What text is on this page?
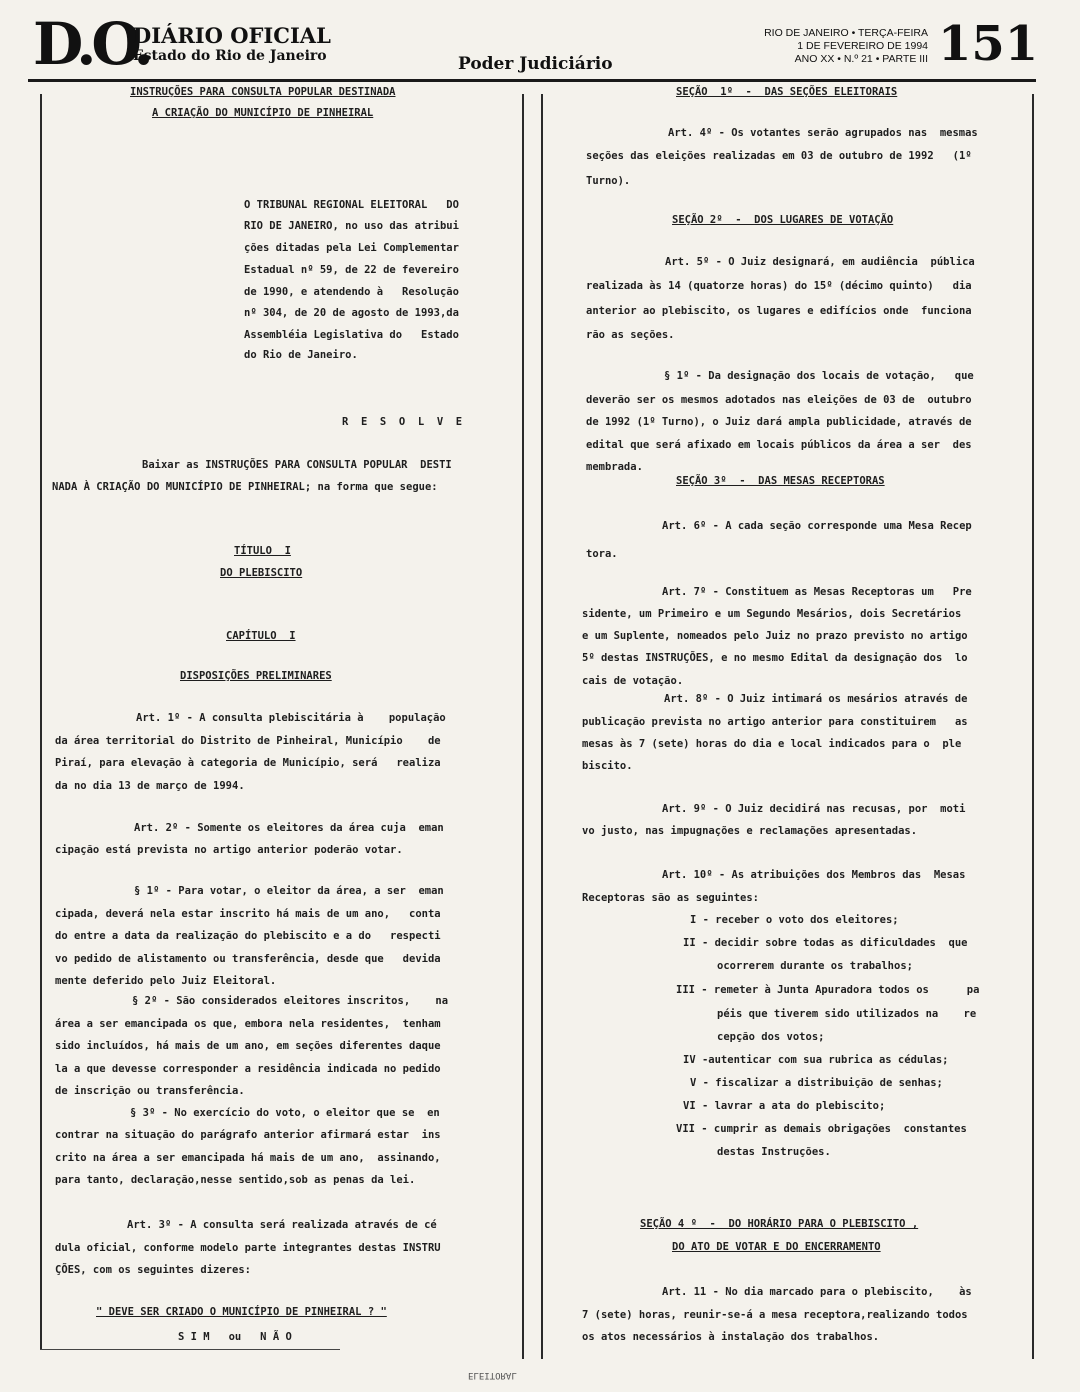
D.O.
DIÁRIO OFICIAL
Estado do Rio de Janeiro	Poder Judiciário
RIO DE JANEIRO • TERÇA-FEIRA
1 DE FEVEREIRO DE 1994
ANO XX • N.º 21 • PARTE III 151
INSTRUÇÕES PARA CONSULTA POPULAR DESTINADA
A CRIAÇÃO DO MUNICÍPIO DE PINHEIRAL
O TRIBUNAL REGIONAL ELEITORAL   DO
RIO DE JANEIRO, no uso das atribui
ções ditadas pela Lei Complementar
Estadual nº 59, de 22 de fevereiro
de 1990, e atendendo à   Resolução
nº 304, de 20 de agosto de 1993,da
Assembléia Legislativa do   Estado
do Rio de Janeiro.
R  E  S  O  L  V  E
Baixar as INSTRUÇÕES PARA CONSULTA POPULAR  DESTI
NADA À CRIAÇÃO DO MUNICÍPIO DE PINHEIRAL; na forma que segue:
TÍTULO  I
DO PLEBISCITO
CAPÍTULO  I
DISPOSIÇÕES PRELIMINARES
Art. 1º - A consulta plebiscitária à    população
da área territorial do Distrito de Pinheiral, Município    de
Piraí, para elevação à categoria de Município, será   realiza
da no dia 13 de março de 1994.
Art. 2º - Somente os eleitores da área cuja  eman
cipação está prevista no artigo anterior poderão votar.
§ 1º - Para votar, o eleitor da área, a ser  eman
cipada, deverá nela estar inscrito há mais de um ano,   conta
do entre a data da realização do plebiscito e a do   respecti
vo pedido de alistamento ou transferência, desde que   devida
mente deferido pelo Juiz Eleitoral.
§ 2º - São considerados eleitores inscritos,    na
área a ser emancipada os que, embora nela residentes,  tenham
sido incluídos, há mais de um ano, em seções diferentes daque
la a que devesse corresponder a residência indicada no pedido
de inscrição ou transferência.
§ 3º - No exercício do voto, o eleitor que se  en
contrar na situação do parágrafo anterior afirmará estar  ins
crito na área a ser emancipada há mais de um ano,  assinando,
para tanto, declaração,nesse sentido,sob as penas da lei.
Art. 3º - A consulta será realizada através de cé
dula oficial, conforme modelo parte integrantes destas INSTRU
ÇÕES, com os seguintes dizeres:
" DEVE SER CRIADO O MUNICÍPIO DE PINHEIRAL ? "
S I M   ou   N Ã O
SEÇÃO  1º  -  DAS SEÇÕES ELEITORAIS
Art. 4º - Os votantes serão agrupados nas  mesmas
seções das eleições realizadas em 03 de outubro de 1992   (1º
Turno).
SEÇÃO 2º  -  DOS LUGARES DE VOTAÇÃO
Art. 5º - O Juiz designará, em audiência  pública
realizada às 14 (quatorze horas) do 15º (décimo quinto)   dia
anterior ao plebiscito, os lugares e edifícios onde  funciona
rão as seções.
§ 1º - Da designação dos locais de votação,   que
deverão ser os mesmos adotados nas eleições de 03 de  outubro
de 1992 (1º Turno), o Juiz dará ampla publicidade, através de
edital que será afixado em locais públicos da área a ser  des
membrada.
SEÇÃO 3º  -  DAS MESAS RECEPTORAS
Art. 6º - A cada seção corresponde uma Mesa Recep
tora.
Art. 7º - Constituem as Mesas Receptoras um   Pre
sidente, um Primeiro e um Segundo Mesários, dois Secretários
e um Suplente, nomeados pelo Juiz no prazo previsto no artigo
5º destas INSTRUÇÕES, e no mesmo Edital da designação dos  lo
cais de votação.
Art. 8º - O Juiz intimará os mesários através de
publicação prevista no artigo anterior para constituirem   as
mesas às 7 (sete) horas do dia e local indicados para o  ple
biscito.
Art. 9º - O Juiz decidirá nas recusas, por  moti
vo justo, nas impugnações e reclamações apresentadas.
Art. 10º - As atribuições dos Membros das  Mesas
Receptoras são as seguintes:
I - receber o voto dos eleitores;
II - decidir sobre todas as dificuldades  que
ocorrerem durante os trabalhos;
III - remeter à Junta Apuradora todos os      pa
péis que tiverem sido utilizados na    re
cepção dos votos;
IV -autenticar com sua rubrica as cédulas;
V - fiscalizar a distribuição de senhas;
VI - lavrar a ata do plebiscito;
VII - cumprir as demais obrigações  constantes
destas Instruções.
SEÇÃO 4 º  -  DO HORÁRIO PARA O PLEBISCITO ,
DO ATO DE VOTAR E DO ENCERRAMENTO
Art. 11 - No dia marcado para o plebiscito,    às
7 (sete) horas, reunir-se-á a mesa receptora,realizando todos
os atos necessários à instalação dos trabalhos.
ELEITORAL
